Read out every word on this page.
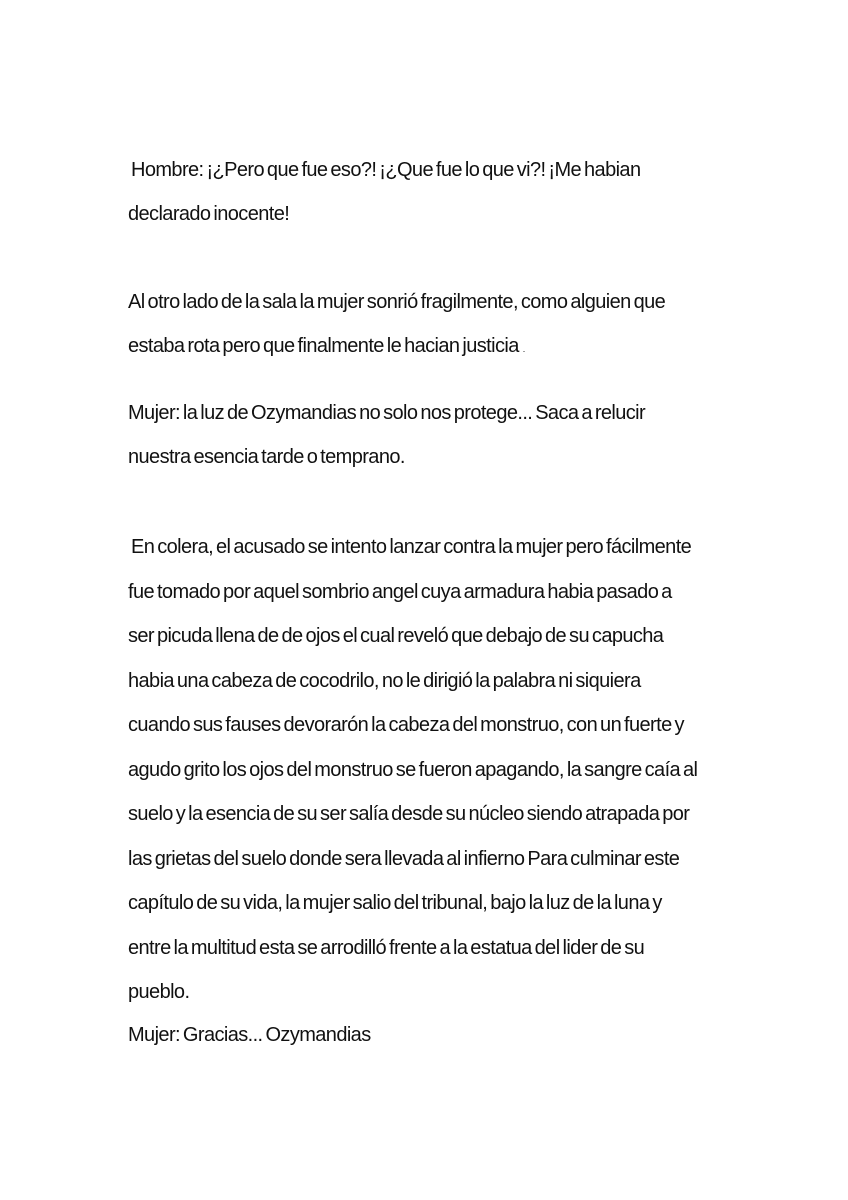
Hombre: ¡¿Pero que fue eso?! ¡¿Que fue lo que vi?! ¡Me habian

declarado inocente!

Al otro lado de la sala la mujer sonrió fragilmente, como alguien que

estaba rota pero que finalmente le hacian justicia .

Mujer: la luz de Ozymandias no solo nos protege... Saca a relucir

nuestra esencia tarde o temprano.

En colera, el acusado se intento lanzar contra la mujer pero fácilmente

fue tomado por aquel sombrio angel cuya armadura habia pasado a

ser picuda llena de de ojos el cual reveló que debajo de su capucha

habia una cabeza de cocodrilo, no le dirigió la palabra ni siquiera

cuando sus fauses devorarón la cabeza del monstruo, con un fuerte y

agudo grito los ojos del monstruo se fueron apagando, la sangre caía al

suelo y la esencia de su ser salía desde su núcleo siendo atrapada por

las grietas del suelo donde sera llevada al infierno Para culminar este

capítulo de su vida, la mujer salio del tribunal, bajo la luz de la luna y

entre la multitud esta se arrodilló frente a la estatua del lider de su

pueblo.

Mujer: Gracias... Ozymandias
